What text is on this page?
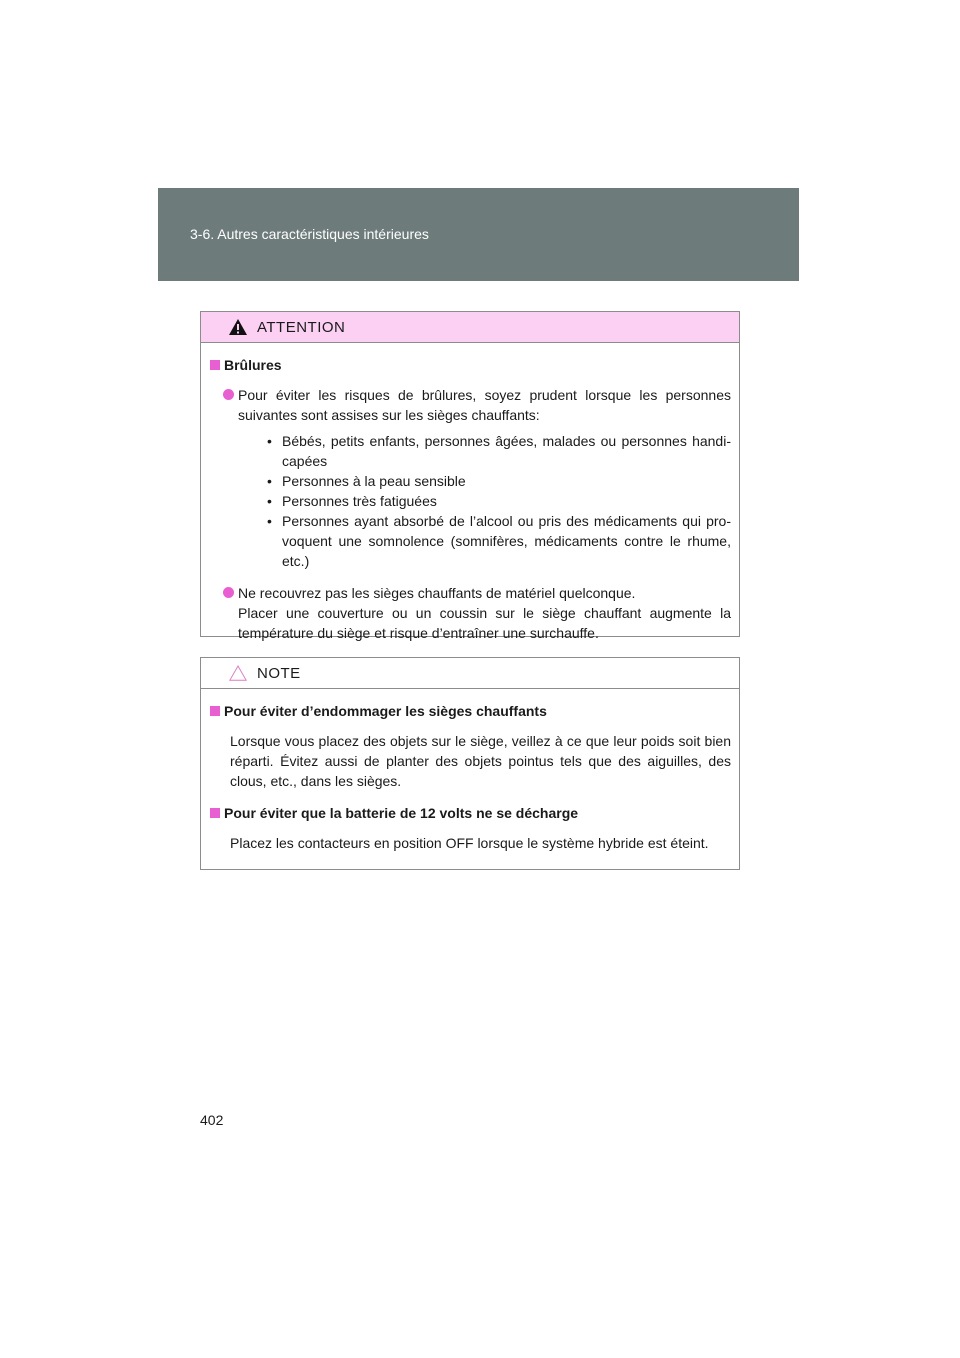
3-6. Autres caractéristiques intérieures
ATTENTION
Brûlures
Pour éviter les risques de brûlures, soyez prudent lorsque les personnes suivantes sont assises sur les sièges chauffants:
• Bébés, petits enfants, personnes âgées, malades ou personnes handi-capées
• Personnes à la peau sensible
• Personnes très fatiguées
• Personnes ayant absorbé de l’alcool ou pris des médicaments qui pro-voquent une somnolence (somnifères, médicaments contre le rhume, etc.)
Ne recouvrez pas les sièges chauffants de matériel quelconque.
Placer une couverture ou un coussin sur le siège chauffant augmente la température du siège et risque d’entraîner une surchauffe.
NOTE
Pour éviter d’endommager les sièges chauffants
Lorsque vous placez des objets sur le siège, veillez à ce que leur poids soit bien réparti. Évitez aussi de planter des objets pointus tels que des aiguilles, des clous, etc., dans les sièges.
Pour éviter que la batterie de 12 volts ne se décharge
Placez les contacteurs en position OFF lorsque le système hybride est éteint.
402
